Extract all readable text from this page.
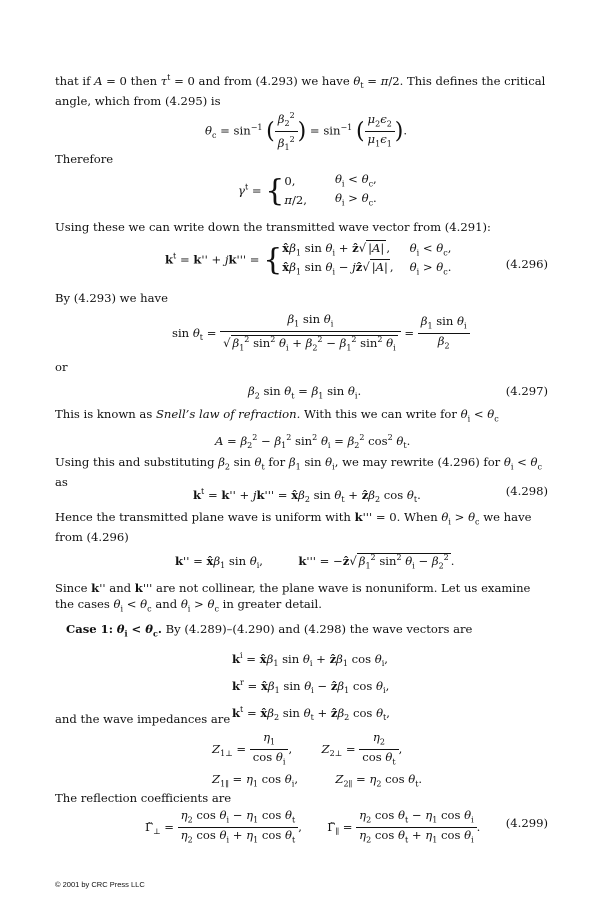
that if A = 0 then $\tau^t = 0$ and from (4.293) we have $\theta_t = \pi/2$. This defines the critical angle, which from (4.295) is
$\theta_c = \sin^{-1}$ ( $\frac{\beta_2^2}{\beta_1^2}$ ) = $\sin^{-1}$ ( $\frac{\mu_2\epsilon_2}{\mu_1\epsilon_1}$ ).
Therefore
$\gamma^t$ = { 0,	$\theta_i < \theta_c$,
π/2,	$\theta_i > \theta_c$.
Using these we can write down the transmitted wave vector from (4.291):
$k^t = k'' + jk'''$ = { $x̂\beta_1$ $\sin \theta_i$ + ẑ√ |A| ,	$\theta_i < \theta_c$,
$x̂\beta_1$ $\sin \theta_i$ − jẑ√ |A| ,	$\theta_i > \theta_c$.	(4.296)
By (4.293) we have
$\sin \theta_t = \frac{\beta_1 \sin \theta_i}{√ \beta_1^2 \sin^2 \theta_i + \beta_2^2 - \beta_1^2 \sin^2 \theta_i} = \frac{\beta_1 \sin \theta_i}{\beta_2}$
or
$\beta_2$ $\sin \theta_t = \beta_1$ $\sin \theta_i$.	(4.297)
This is known as Snell’s law of refraction. With this we can write for $\theta_i < \theta_c$
$A = \beta_2^2 - \beta_1^2$ $\sin^2 \theta_i = \beta_2^2$ $\cos^2 \theta_t$.
Using this and substituting $\beta_2$ $\sin \theta_t$ for $\beta_1$ $\sin \theta_i$, we may rewrite (4.296) for $\theta_i < \theta_c$ as
$k^t = k'' + jk'''$ = $x̂\beta_2$ $\sin \theta_t$ + ẑβ$_2$ $\cos \theta_t$.	(4.298)
Hence the transmitted plane wave is uniform with k''' = 0. When $\theta_i > \theta_c$ we have from (4.296)
$k'' = x̂\beta_1$ $\sin \theta_i$,	k''' = −ẑ√ $\beta_1^2$ $\sin^2 \theta_i - \beta_2^2$ .
Since k'' and k''' are not collinear, the plane wave is nonuniform. Let us examine the cases $\theta_i < \theta_c$ and $\theta_i > \theta_c$ in greater detail.
Case 1: $\theta_i < \theta_c$. By (4.289)–(4.290) and (4.298) the wave vectors are
$k^i$ = $x̂\beta_1$ $\sin \theta_i$ + ẑβ$_1$ $\cos \theta_i$,
$k^r$ = $x̂\beta_1$ $\sin \theta_i$ − ẑβ$_1$ $\cos \theta_i$,
$k^t$ = $x̂\beta_2$ $\sin \theta_t$ + ẑβ$_2$ $\cos \theta_t$,
and the wave impedances are
$Z_{1\perp} = \frac{\eta_1}{\cos \theta_i}$ ,  $Z_{2\perp} = \frac{\eta_2}{\cos \theta_t}$ ,
$Z_{1\parallel} = \eta_1$ $\cos \theta_i$,	$Z_{2\parallel} = \eta_2$ $\cos \theta_t$.
The reflection coefficients are
$\Gammã_\perp = \frac{\eta_2 \cos \theta_i - \eta_1 \cos \theta_t}{\eta_2 \cos \theta_i + \eta_1 \cos \theta_t}$ ,  $\Gammã_\parallel = \frac{\eta_2 \cos \theta_t - \eta_1 \cos \theta_i}{\eta_2 \cos \theta_t + \eta_1 \cos \theta_i}$ . (4.299)
© 2001 by CRC Press LLC
